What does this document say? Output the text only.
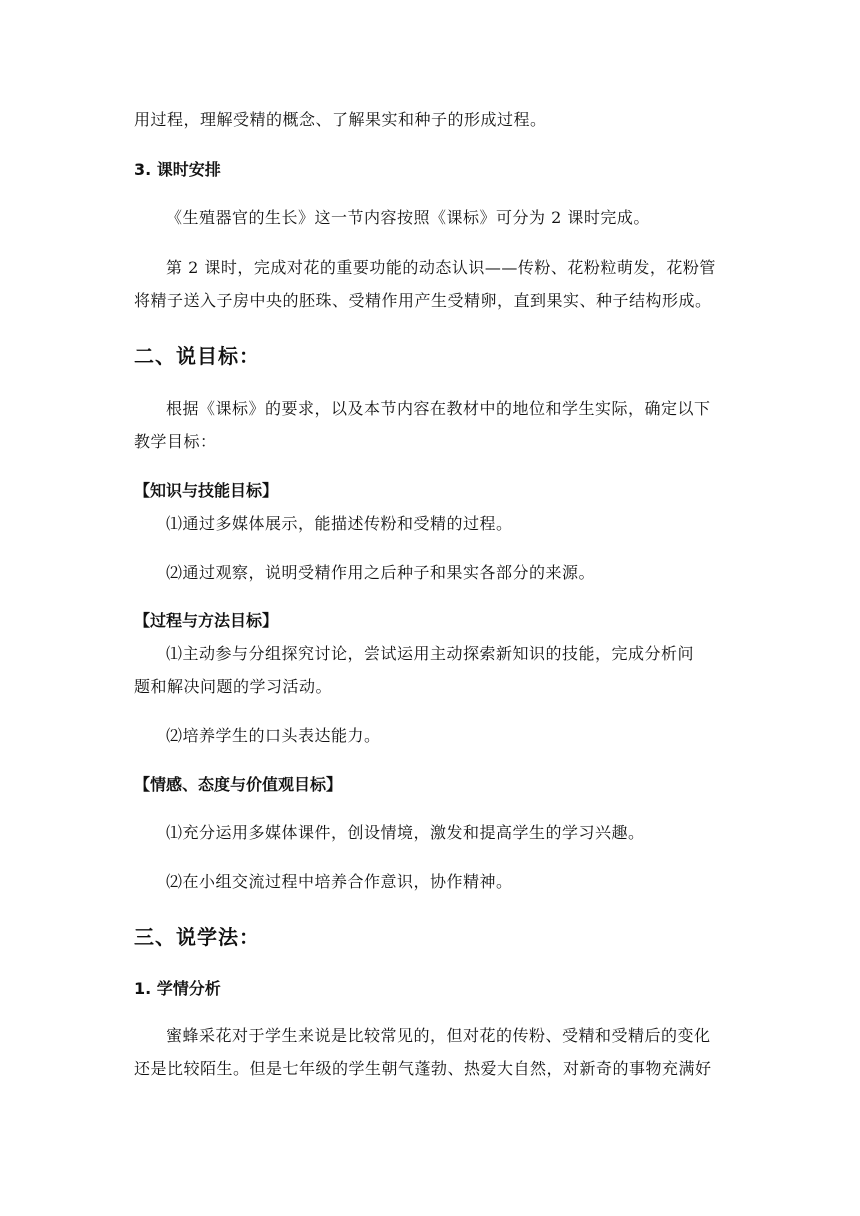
用过程，理解受精的概念、了解果实和种子的形成过程。
3. 课时安排
《生殖器官的生长》这一节内容按照《课标》可分为 2 课时完成。
第 2 课时，完成对花的重要功能的动态认识——传粉、花粉粒萌发，花粉管
将精子送入子房中央的胚珠、受精作用产生受精卵，直到果实、种子结构形成。
二、说目标：
根据《课标》的要求，以及本节内容在教材中的地位和学生实际，确定以下
教学目标：
【知识与技能目标】
⑴通过多媒体展示，能描述传粉和受精的过程。
⑵通过观察，说明受精作用之后种子和果实各部分的来源。
【过程与方法目标】
⑴主动参与分组探究讨论，尝试运用主动探索新知识的技能，完成分析问
题和解决问题的学习活动。
⑵培养学生的口头表达能力。
【情感、态度与价值观目标】
⑴充分运用多媒体课件，创设情境，激发和提高学生的学习兴趣。
⑵在小组交流过程中培养合作意识，协作精神。
三、说学法：
1. 学情分析
蜜蜂采花对于学生来说是比较常见的，但对花的传粉、受精和受精后的变化
还是比较陌生。但是七年级的学生朝气蓬勃、热爱大自然，对新奇的事物充满好
